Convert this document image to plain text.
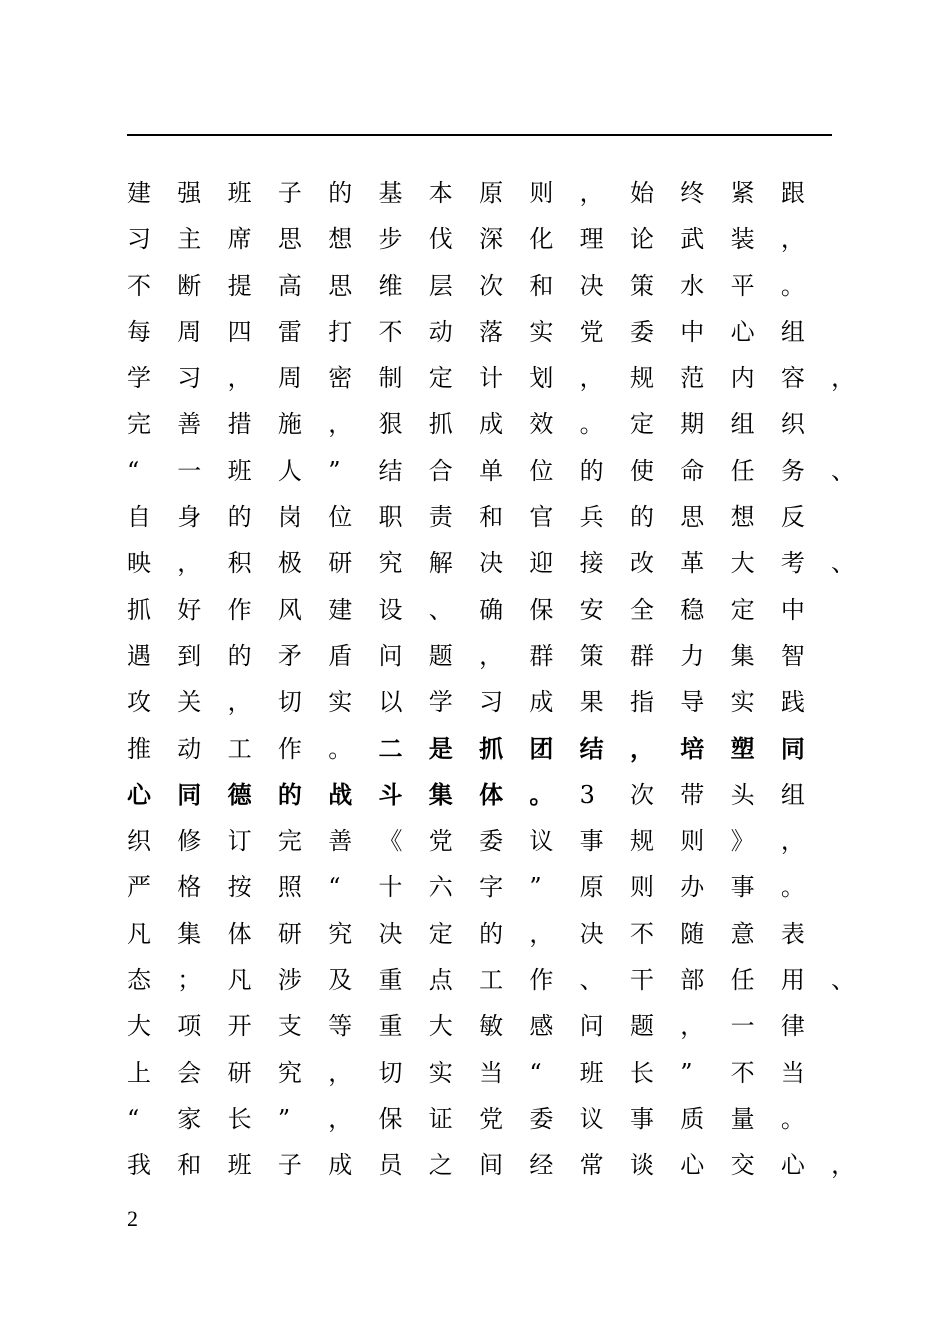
建	强	班	子	的	基	本	原	则	，	始	终	紧	跟
习	主	席	思	想	步	伐	深	化	理	论	武	装	，
不	断	提	高	思	维	层	次	和	决	策	水	平	。
每	周	四	雷	打	不	动	落	实	党	委	中	心	组
学	习	，	周	密	制	定	计	划	，	规	范	内	容	，
完	善	措	施	，	狠	抓	成	效	。	定	期	组	织
“	一	班	人	”	结	合	单	位	的	使	命	任	务	、
自	身	的	岗	位	职	责	和	官	兵	的	思	想	反
映	，	积	极	研	究	解	决	迎	接	改	革	大	考	、
抓	好	作	风	建	设	、	确	保	安	全	稳	定	中
遇	到	的	矛	盾	问	题	，	群	策	群	力	集	智
攻	关	，	切	实	以	学	习	成	果	指	导	实	践
推	动	工	作	。	二	是	抓	团	结	，	培	塑	同
心	同	德	的	战	斗	集	体	。	3	次	带	头	组
织	修	订	完	善	《	党	委	议	事	规	则	》	，
严	格	按	照	“	十	六	字	”	原	则	办	事	。
凡	集	体	研	究	决	定	的	，	决	不	随	意	表
态	；	凡	涉	及	重	点	工	作	、	干	部	任	用	、
大	项	开	支	等	重	大	敏	感	问	题	，	一	律
上	会	研	究	，	切	实	当	“	班	长	”	不	当
“	家	长	”	，	保	证	党	委	议	事	质	量	。
我	和	班	子	成	员	之	间	经	常	谈	心	交	心	，
2
